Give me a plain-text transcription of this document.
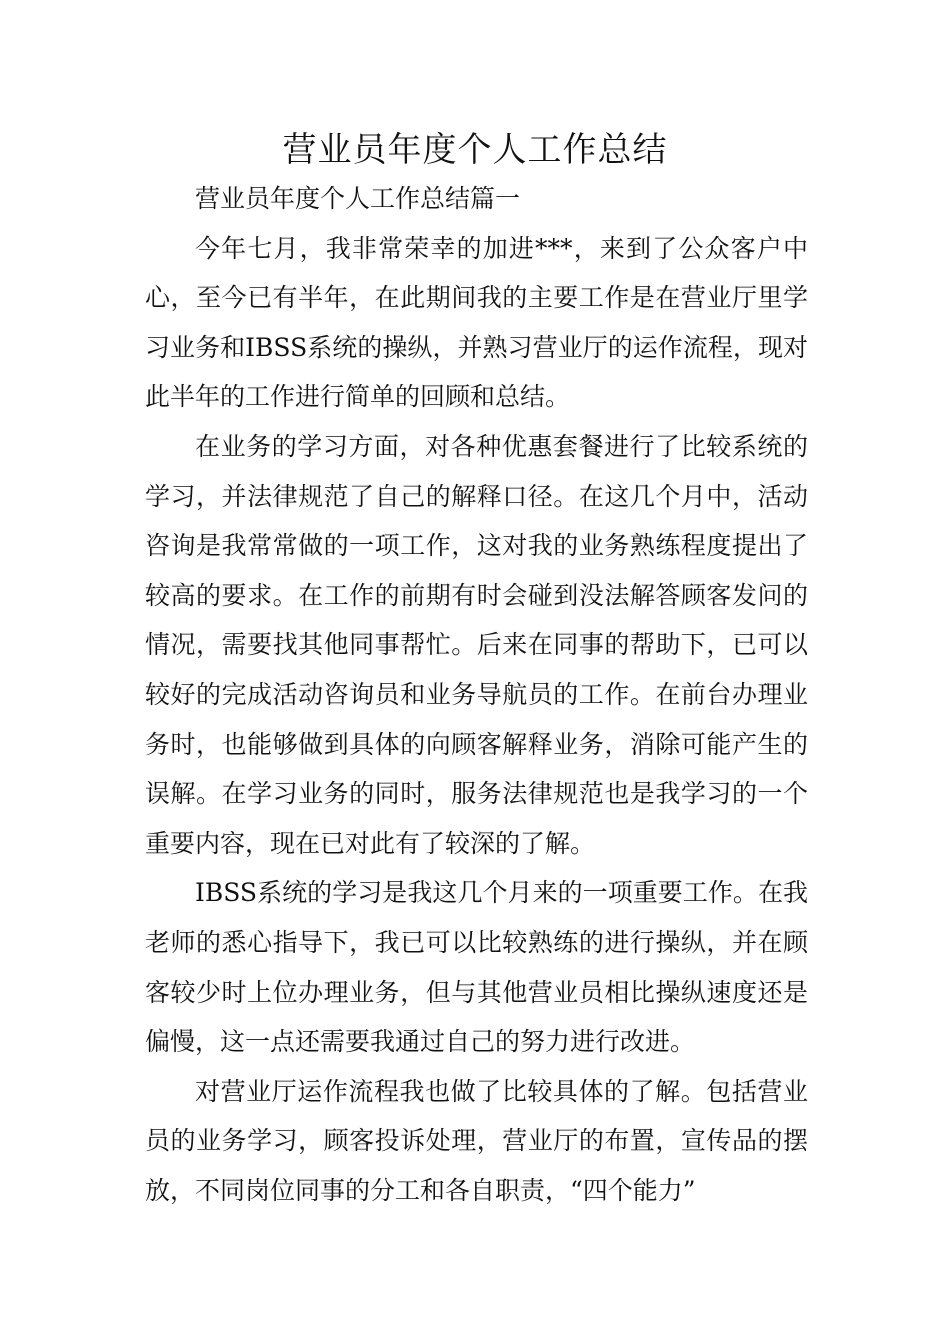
营业员年度个人工作总结

营业员年度个人工作总结篇一

今年七月，我非常荣幸的加进***，来到了公众客户中心，至今已有半年，在此期间我的主要工作是在营业厅里学习业务和IBSS系统的操纵，并熟习营业厅的运作流程，现对此半年的工作进行简单的回顾和总结。

在业务的学习方面，对各种优惠套餐进行了比较系统的学习，并法律规范了自己的解释口径。在这几个月中，活动咨询是我常常做的一项工作，这对我的业务熟练程度提出了较高的要求。在工作的前期有时会碰到没法解答顾客发问的情况，需要找其他同事帮忙。后来在同事的帮助下，已可以较好的完成活动咨询员和业务导航员的工作。在前台办理业务时，也能够做到具体的向顾客解释业务，消除可能产生的误解。在学习业务的同时，服务法律规范也是我学习的一个重要内容，现在已对此有了较深的了解。

IBSS系统的学习是我这几个月来的一项重要工作。在我老师的悉心指导下，我已可以比较熟练的进行操纵，并在顾客较少时上位办理业务，但与其他营业员相比操纵速度还是偏慢，这一点还需要我通过自己的努力进行改进。

对营业厅运作流程我也做了比较具体的了解。包括营业员的业务学习，顾客投诉处理，营业厅的布置，宣传品的摆放，不同岗位同事的分工和各自职责，“四个能力”
